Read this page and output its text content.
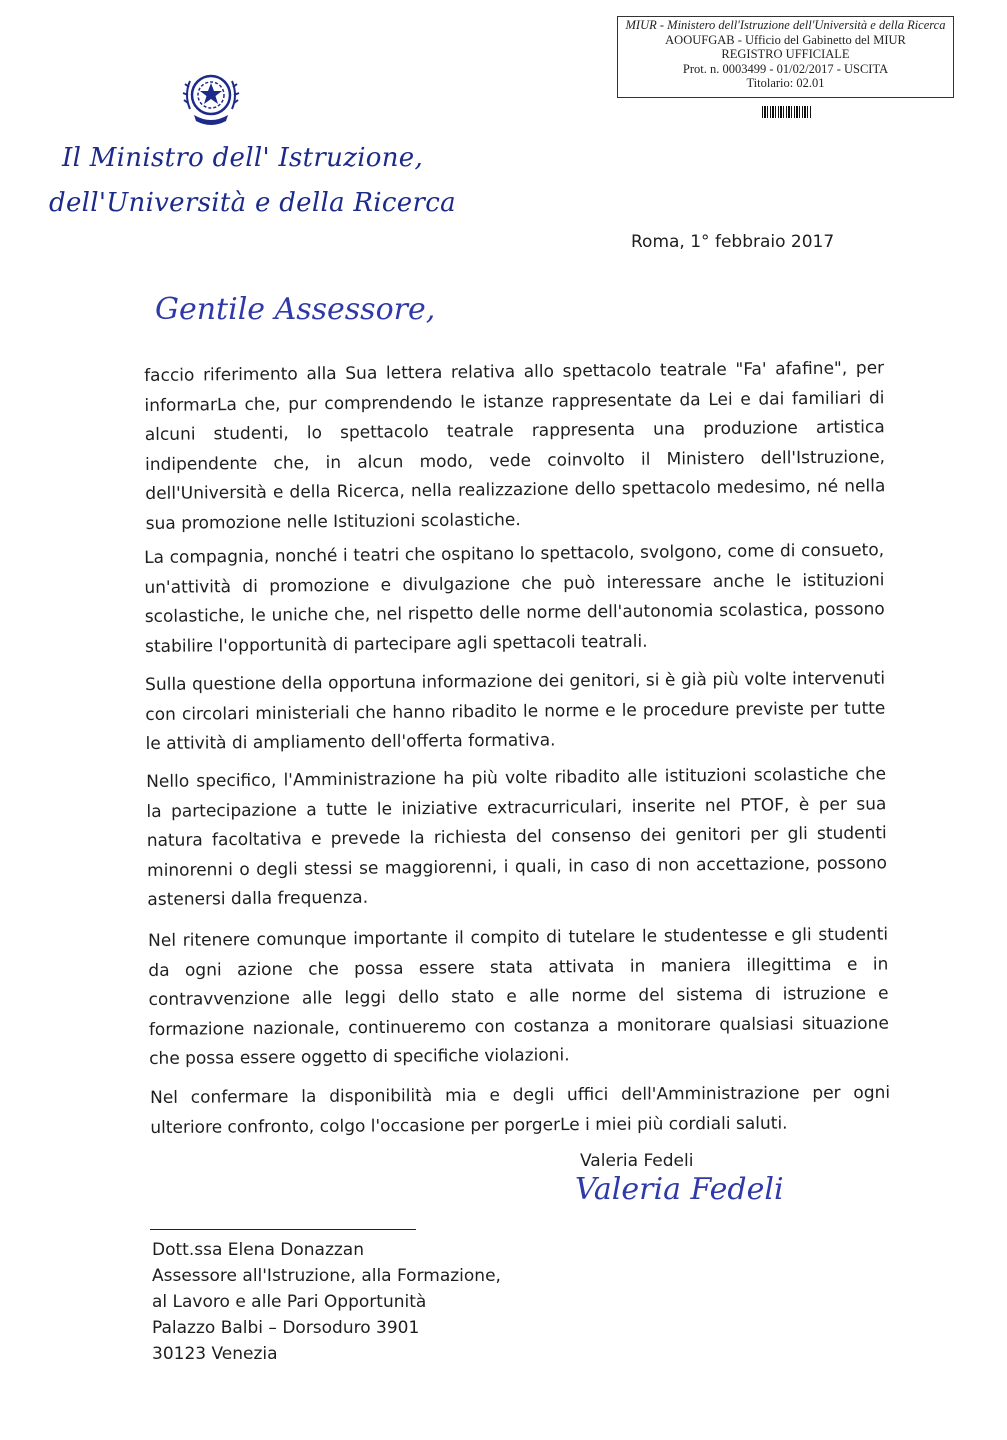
MIUR - Ministero dell'Istruzione dell'Università e della Ricerca
AOOUFGAB - Ufficio del Gabinetto del MIUR
REGISTRO UFFICIALE
Prot. n. 0003499 - 01/02/2017 - USCITA
Titolario: 02.01
Il Ministro dell' Istruzione,
dell'Università e della Ricerca
Roma, 1° febbraio 2017
Gentile Assessore,
faccio riferimento alla Sua lettera relativa allo spettacolo teatrale "Fa' afafine", per informarLa che, pur comprendendo le istanze rappresentate da Lei e dai familiari di alcuni studenti, lo spettacolo teatrale rappresenta una produzione artistica indipendente che, in alcun modo, vede coinvolto il Ministero dell'Istruzione, dell'Università e della Ricerca, nella realizzazione dello spettacolo medesimo, né nella sua promozione nelle Istituzioni scolastiche.
La compagnia, nonché i teatri che ospitano lo spettacolo, svolgono, come di consueto, un'attività di promozione e divulgazione che può interessare anche le istituzioni scolastiche, le uniche che, nel rispetto delle norme dell'autonomia scolastica, possono stabilire l'opportunità di partecipare agli spettacoli teatrali.
Sulla questione della opportuna informazione dei genitori, si è già più volte intervenuti con circolari ministeriali che hanno ribadito le norme e le procedure previste per tutte le attività di ampliamento dell'offerta formativa.
Nello specifico, l'Amministrazione ha più volte ribadito alle istituzioni scolastiche che la partecipazione a tutte le iniziative extracurriculari, inserite nel PTOF, è per sua natura facoltativa e prevede la richiesta del consenso dei genitori per gli studenti minorenni o degli stessi se maggiorenni, i quali, in caso di non accettazione, possono astenersi dalla frequenza.
Nel ritenere comunque importante il compito di tutelare le studentesse e gli studenti da ogni azione che possa essere stata attivata in maniera illegittima e in contravvenzione alle leggi dello stato e alle norme del sistema di istruzione e formazione nazionale, continueremo con costanza a monitorare qualsiasi situazione che possa essere oggetto di specifiche violazioni.
Nel confermare la disponibilità mia e degli uffici dell'Amministrazione per ogni ulteriore confronto, colgo l'occasione per porgerLe i miei più cordiali saluti.
Valeria Fedeli
Valeria Fedeli
Dott.ssa Elena Donazzan
Assessore all'Istruzione, alla Formazione,
al Lavoro e alle Pari Opportunità
Palazzo Balbi – Dorsoduro 3901
30123 Venezia
